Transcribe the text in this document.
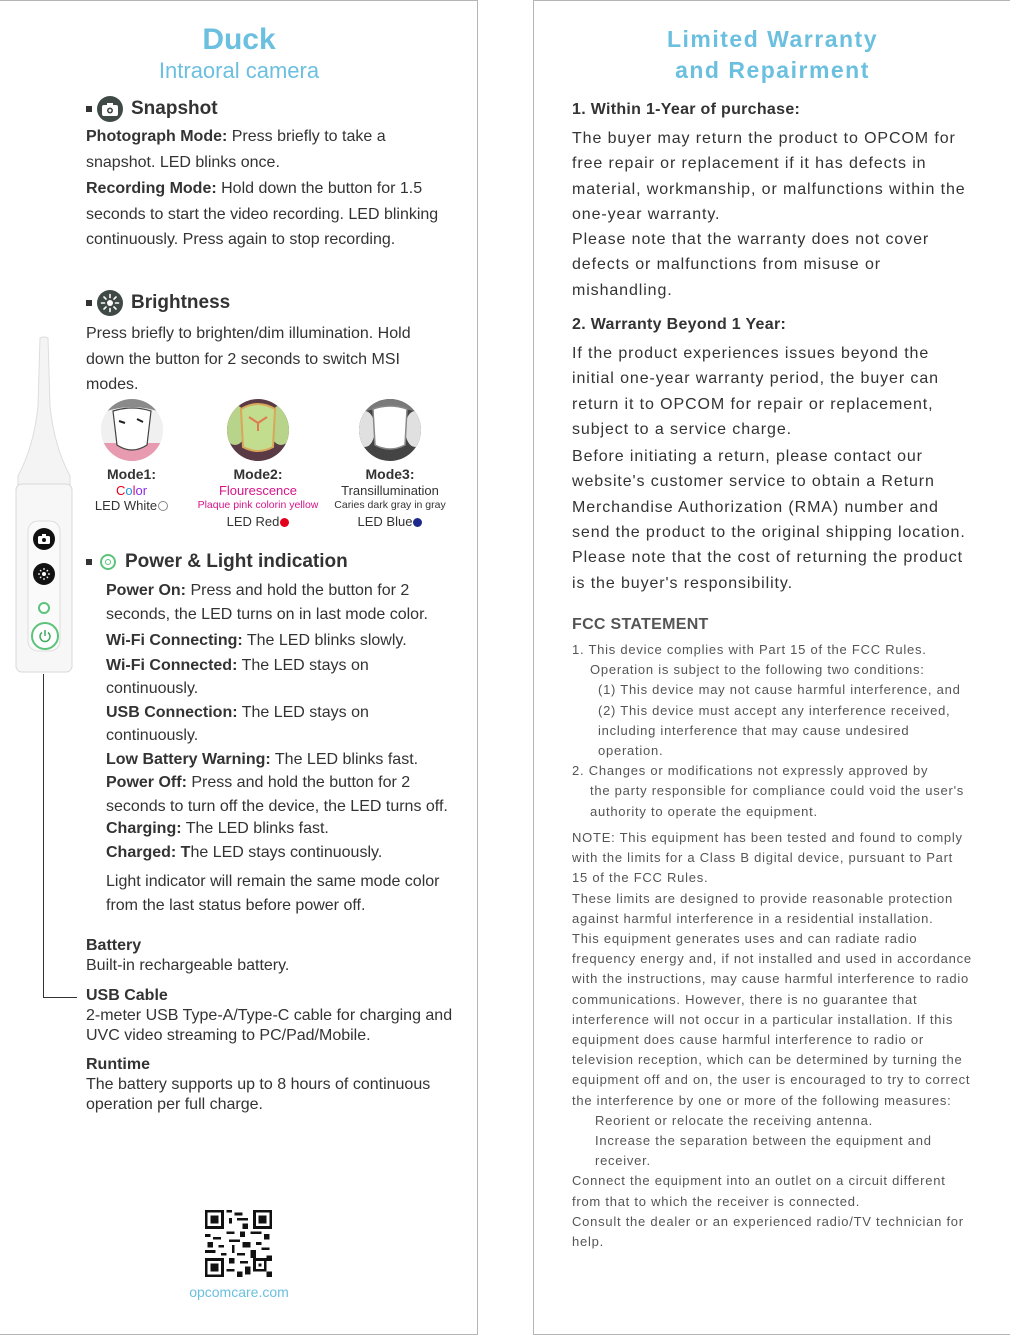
Duck
Intraoral camera
Snapshot
Photograph Mode: Press briefly to take a snapshot. LED blinks once.
Recording Mode: Hold down the button for 1.5 seconds to start the video recording. LED blinking continuously. Press again to stop recording.
Brightness
Press briefly to brighten/dim illumination. Hold down the button for 2 seconds to switch MSI modes.
Mode1:
Color
LED White
Mode2:
Flourescence
Plaque pink colorin yellow
LED Red
Mode3:
Transillumination
Caries dark gray in gray
LED Blue
Power & Light indication
Power On: Press and hold the button for 2 seconds, the LED turns on in last mode color.
Wi-Fi Connecting: The LED blinks slowly.
Wi-Fi Connected: The LED stays on continuously.
USB Connection: The LED stays on continuously.
Low Battery Warning: The LED blinks fast.
Power Off: Press and hold the button for 2 seconds to turn off the device, the LED turns off.
Charging: The LED blinks fast.
Charged: The LED stays continuously.
Light indicator will remain the same mode color from the last status before power off.
Battery
Built-in rechargeable battery.
USB Cable
2-meter USB Type-A/Type-C cable for charging and UVC video streaming to PC/Pad/Mobile.
Runtime
The battery supports up to 8 hours of continuous operation per full charge.
opcomcare.com
Limited Warranty
and Repairment
1. Within 1-Year of purchase:
The buyer may return the product to OPCOM for free repair or replacement if it has defects in material, workmanship, or malfunctions within the one-year warranty.
Please note that the warranty does not cover defects or malfunctions from misuse or mishandling.
2. Warranty Beyond 1 Year:
If the product experiences issues beyond the initial one-year warranty period, the buyer can return it to OPCOM for repair or replacement, subject to a service charge.
Before initiating a return, please contact our website's customer service to obtain a Return Merchandise Authorization (RMA) number and send the product to the original shipping location. Please note that the cost of returning the product is the buyer's responsibility.
FCC STATEMENT
1. This device complies with Part 15 of the FCC Rules.
Operation is subject to the following two conditions:
(1) This device may not cause harmful interference, and (2) This device must accept any interference received, including interference that may cause undesired operation.
2. Changes or modifications not expressly approved by
the party responsible for compliance could void the user's authority to operate the equipment.
NOTE: This equipment has been tested and found to comply with the limits for a Class B digital device, pursuant to Part 15 of the FCC Rules.
These limits are designed to provide reasonable protection against harmful interference in a residential installation.
This equipment generates uses and can radiate radio frequency energy and, if not installed and used in accordance with the instructions, may cause harmful interference to radio communications. However, there is no guarantee that interference will not occur in a particular installation. If this equipment does cause harmful interference to radio or television reception, which can be determined by turning the equipment off and on, the user is encouraged to try to correct the interference by one or more of the following measures:
Reorient or relocate the receiving antenna.
Increase the separation between the equipment and receiver.
Connect the equipment into an outlet on a circuit different from that to which the receiver is connected.
Consult the dealer or an experienced radio/TV technician for help.
